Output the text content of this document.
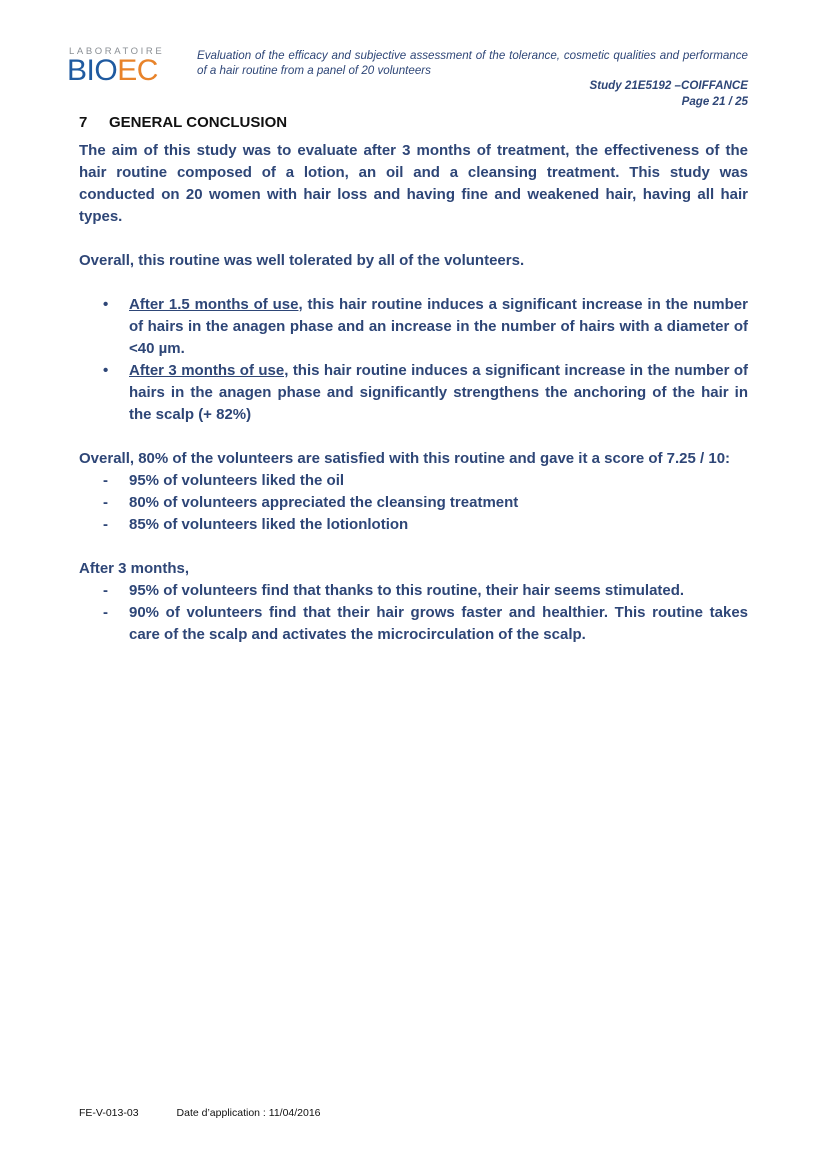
LABORATOIRE
BIOEC	Evaluation of the efficacy and subjective assessment of the tolerance, cosmetic qualities and performance of a hair routine from a panel of 20 volunteers
Study 21E5192 –COIFFANCE
Page 21 / 25
7 GENERAL CONCLUSION

The aim of this study was to evaluate after 3 months of treatment, the effectiveness of the hair routine composed of a lotion, an oil and a cleansing treatment. This study was conducted on 20 women with hair loss and having fine and weakened hair, having all hair types.

Overall, this routine was well tolerated by all of the volunteers.

• After 1.5 months of use, this hair routine induces a significant increase in the number of hairs in the anagen phase and an increase in the number of hairs with a diameter of <40 µm.
• After 3 months of use, this hair routine induces a significant increase in the number of hairs in the anagen phase and significantly strengthens the anchoring of the hair in the scalp (+ 82%)

Overall, 80% of the volunteers are satisfied with this routine and gave it a score of 7.25 / 10:

- 95% of volunteers liked the oil
- 80% of volunteers appreciated the cleansing treatment
- 85% of volunteers liked the lotionlotion

After 3 months,

- 95% of volunteers find that thanks to this routine, their hair seems stimulated.
- 90% of volunteers find that their hair grows faster and healthier. This routine takes care of the scalp and activates the microcirculation of the scalp.
FE-V-013-03	Date d’application : 11/04/2016
